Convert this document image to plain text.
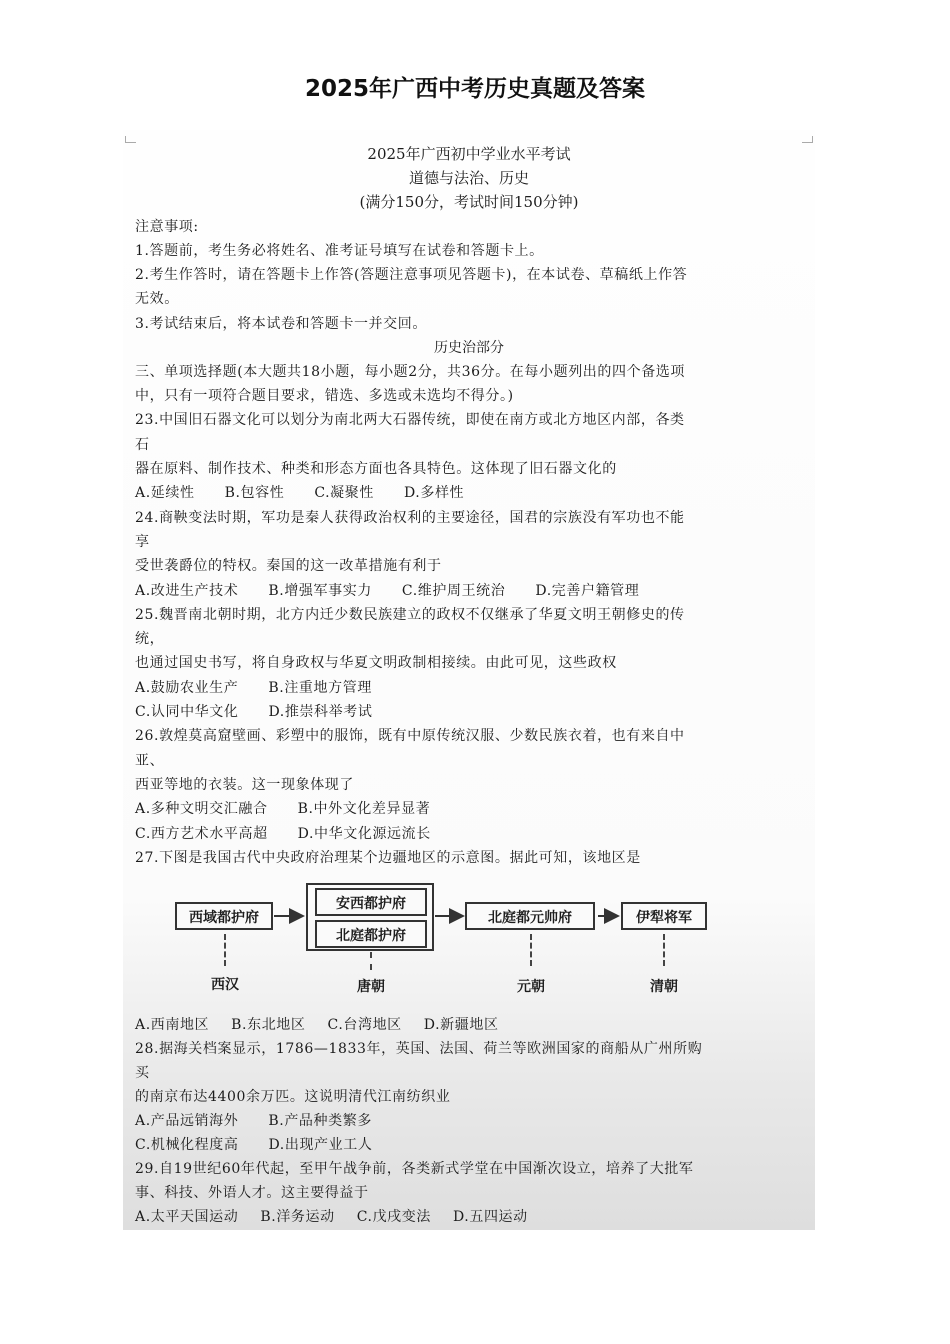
2025年广西中考历史真题及答案
2025年广西初中学业水平考试
道德与法治、历史
(满分150分，考试时间150分钟)
注意事项:
1.答题前，考生务必将姓名、准考证号填写在试卷和答题卡上。
2.考生作答时，请在答题卡上作答(答题注意事项见答题卡)，在本试卷、草稿纸上作答
无效。
3.考试结束后，将本试卷和答题卡一并交回。
历史治部分
三、单项选择题(本大题共18小题，每小题2分，共36分。在每小题列出的四个备选项
中，只有一项符合题目要求，错选、多选或未选均不得分。)
23.中国旧石器文化可以划分为南北两大石器传统，即使在南方或北方地区内部，各类
石
器在原料、制作技术、种类和形态方面也各具特色。这体现了旧石器文化的
A.延续性 B.包容性 C.凝聚性 D.多样性
24.商鞅变法时期，军功是秦人获得政治权利的主要途径，国君的宗族没有军功也不能
享
受世袭爵位的特权。秦国的这一改革措施有利于
A.改进生产技术 B.增强军事实力 C.维护周王统治 D.完善户籍管理
25.魏晋南北朝时期，北方内迁少数民族建立的政权不仅继承了华夏文明王朝修史的传
统，
也通过国史书写，将自身政权与华夏文明政制相接续。由此可见，这些政权
A.鼓励农业生产 B.注重地方管理
C.认同中华文化 D.推崇科举考试
26.敦煌莫高窟壁画、彩塑中的服饰，既有中原传统汉服、少数民族衣着，也有来自中
亚、
西亚等地的衣装。这一现象体现了
A.多种文明交汇融合 B.中外文化差异显著
C.西方艺术水平高超 D.中华文化源远流长
27.下图是我国古代中央政府治理某个边疆地区的示意图。据此可知，该地区是
西域都护府
安西都护府
北庭都护府
北庭都元帅府	伊犁将军
西汉	唐朝	元朝	清朝
A.西南地区 B.东北地区 C.台湾地区 D.新疆地区
28.据海关档案显示，1786—1833年，英国、法国、荷兰等欧洲国家的商船从广州所购
买
的南京布达4400余万匹。这说明清代江南纺织业
A.产品远销海外 B.产品种类繁多
C.机械化程度高 D.出现产业工人
29.自19世纪60年代起，至甲午战争前，各类新式学堂在中国渐次设立，培养了大批军
事、科技、外语人才。这主要得益于
A.太平天国运动 B.洋务运动 C.戊戌变法 D.五四运动
